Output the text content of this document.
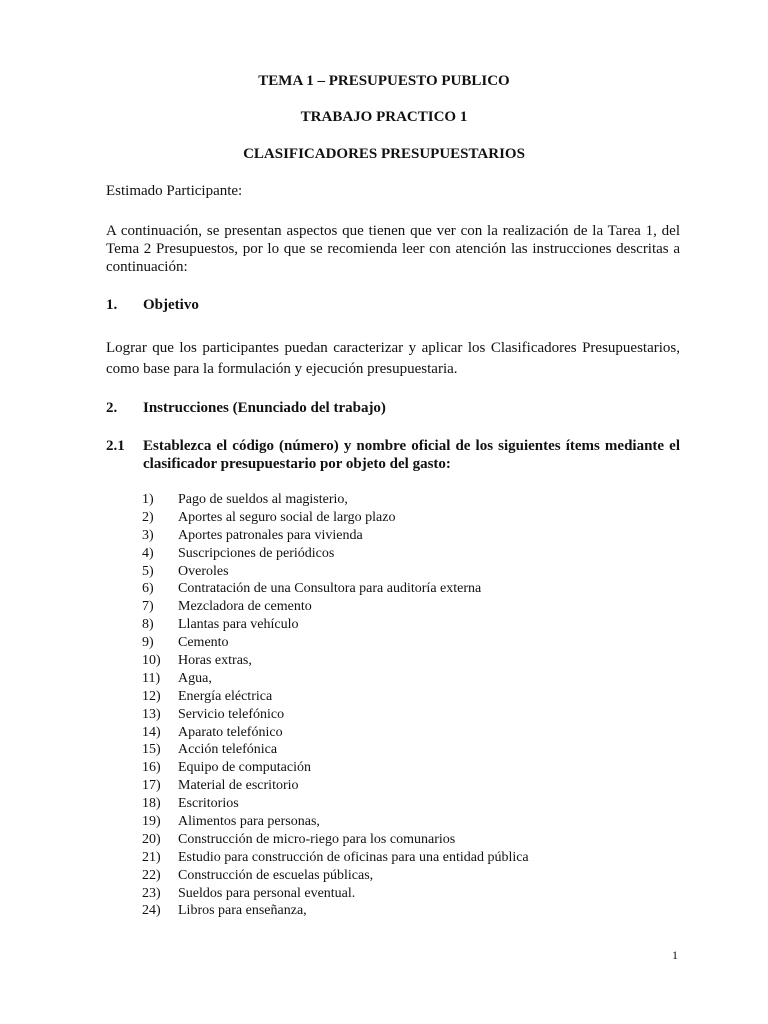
TEMA 1 – PRESUPUESTO PUBLICO
TRABAJO PRACTICO 1
CLASIFICADORES PRESUPUESTARIOS
Estimado Participante:
A continuación, se presentan aspectos que tienen que ver con la realización de la Tarea 1, del Tema 2 Presupuestos, por lo que se recomienda leer con atención las instrucciones descritas a continuación:
1. Objetivo
Lograr que los participantes puedan caracterizar y aplicar los Clasificadores Presupuestarios, como base para la formulación y ejecución presupuestaria.
2. Instrucciones (Enunciado del trabajo)
2.1 Establezca el código (número) y nombre oficial de los siguientes ítems mediante el clasificador presupuestario por objeto del gasto:
1) Pago de sueldos al magisterio,
2) Aportes al seguro social de largo plazo
3) Aportes patronales para vivienda
4) Suscripciones de periódicos
5) Overoles
6) Contratación de una Consultora para auditoría externa
7) Mezcladora de cemento
8) Llantas para vehículo
9) Cemento
10) Horas extras,
11) Agua,
12) Energía eléctrica
13) Servicio telefónico
14) Aparato telefónico
15) Acción telefónica
16) Equipo de computación
17) Material de escritorio
18) Escritorios
19) Alimentos para personas,
20) Construcción de micro-riego para los comunarios
21) Estudio para construcción de oficinas para una entidad pública
22) Construcción de escuelas públicas,
23) Sueldos para personal eventual.
24) Libros para enseñanza,
1
